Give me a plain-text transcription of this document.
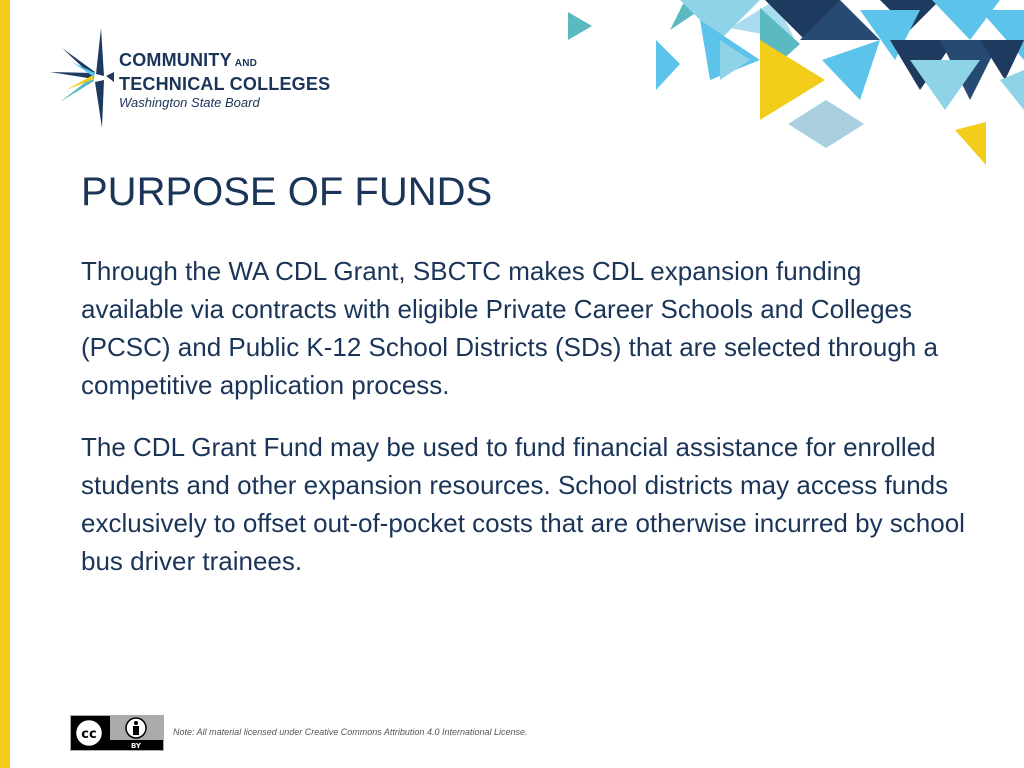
COMMUNITY AND
TECHNICAL COLLEGES
Washington State Board
PURPOSE OF FUNDS

Through the WA CDL Grant, SBCTC makes CDL expansion funding available via contracts with eligible Private Career Schools and Colleges (PCSC) and Public K-12 School Districts (SDs) that are selected through a competitive application process.

The CDL Grant Fund may be used to fund financial assistance for enrolled students and other expansion resources. School districts may access funds exclusively to offset out-of-pocket costs that are otherwise incurred by school bus driver trainees.

cc
BY
Note: All material licensed under Creative Commons Attribution 4.0 International License.
